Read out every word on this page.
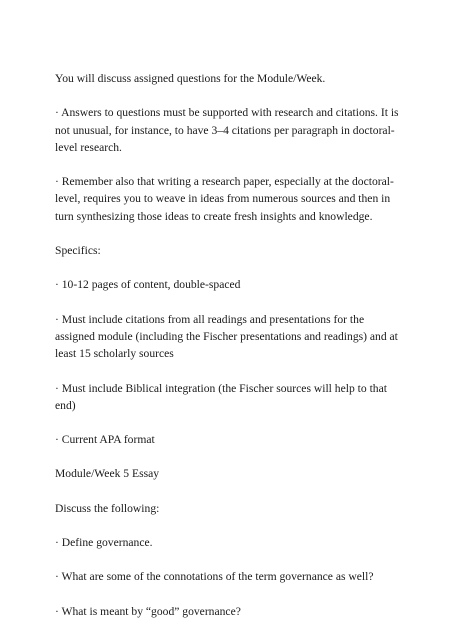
You will discuss assigned questions for the Module/Week.

· Answers to questions must be supported with research and citations. It is not unusual, for instance, to have 3–4 citations per paragraph in doctoral-level research.

· Remember also that writing a research paper, especially at the doctoral-level, requires you to weave in ideas from numerous sources and then in turn synthesizing those ideas to create fresh insights and knowledge.

Specifics:

· 10-12 pages of content, double-spaced

· Must include citations from all readings and presentations for the assigned module (including the Fischer presentations and readings) and at least 15 scholarly sources

· Must include Biblical integration (the Fischer sources will help to that end)

· Current APA format

Module/Week 5 Essay

Discuss the following:

· Define governance.

· What are some of the connotations of the term governance as well?

· What is meant by “good” governance?
